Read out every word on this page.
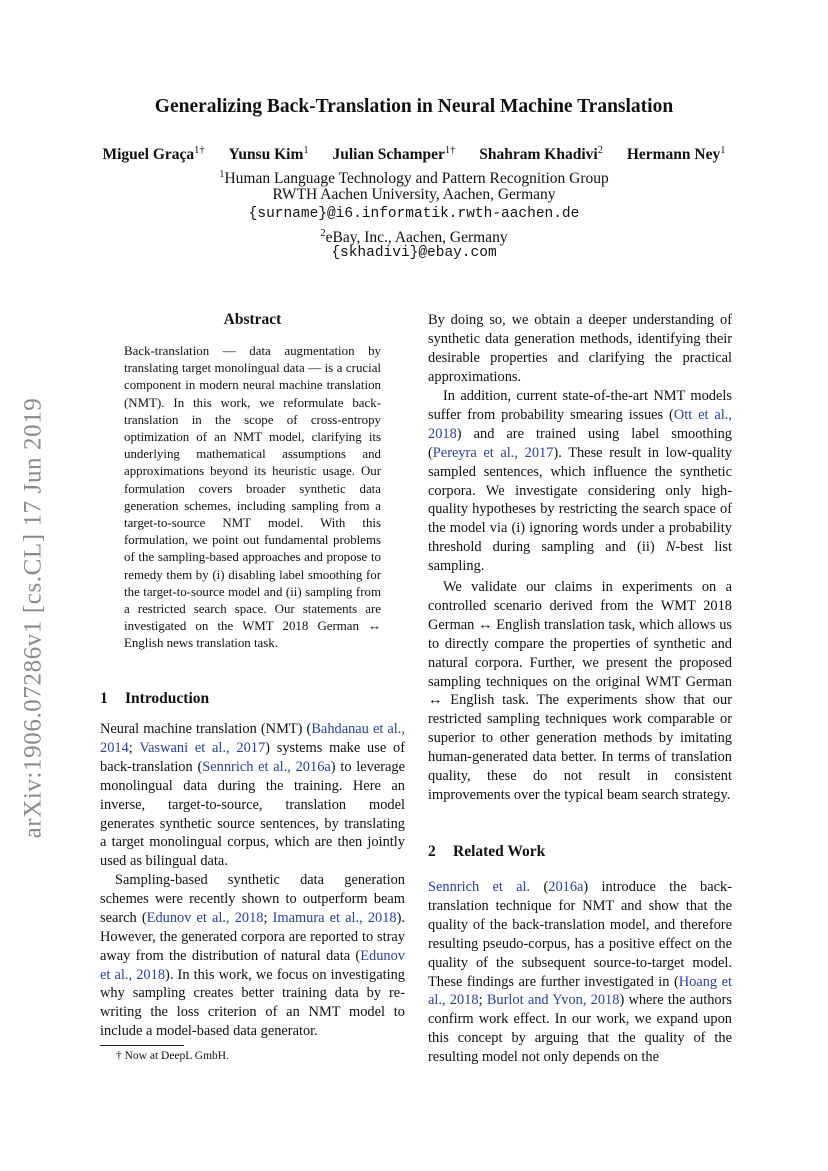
arXiv:1906.07286v1 [cs.CL] 17 Jun 2019
Generalizing Back-Translation in Neural Machine Translation
Miguel Graça$^{1\dagger}$ Yunsu Kim$^1$ Julian Schamper$^{1\dagger}$ Shahram Khadivi$^2$ Hermann Ney$^1$
$^1$Human Language Technology and Pattern Recognition Group
RWTH Aachen University, Aachen, Germany
{surname}@i6.informatik.rwth-aachen.de
$^2$eBay, Inc., Aachen, Germany
{skhadivi}@ebay.com
Abstract

Back-translation — data augmentation by translating target monolingual data — is a crucial component in modern neural machine translation (NMT). In this work, we reformulate back-translation in the scope of cross-entropy optimization of an NMT model, clarifying its underlying mathematical assumptions and approximations beyond its heuristic usage. Our formulation covers broader synthetic data generation schemes, including sampling from a target-to-source NMT model. With this formulation, we point out fundamental problems of the sampling-based approaches and propose to remedy them by (i) disabling label smoothing for the target-to-source model and (ii) sampling from a restricted search space. Our statements are investigated on the WMT 2018 German ↔ English news translation task.

1 Introduction

Neural machine translation (NMT) (Bahdanau et al., 2014; Vaswani et al., 2017) systems make use of back-translation (Sennrich et al., 2016a) to leverage monolingual data during the training. Here an inverse, target-to-source, translation model generates synthetic source sentences, by translating a target monolingual corpus, which are then jointly used as bilingual data.

Sampling-based synthetic data generation schemes were recently shown to outperform beam search (Edunov et al., 2018; Imamura et al., 2018). However, the generated corpora are reported to stray away from the distribution of natural data (Edunov et al., 2018). In this work, we focus on investigating why sampling creates better training data by re-writing the loss criterion of an NMT model to include a model-based data generator.

By doing so, we obtain a deeper understanding of synthetic data generation methods, identifying their desirable properties and clarifying the practical approximations.

In addition, current state-of-the-art NMT models suffer from probability smearing issues (Ott et al., 2018) and are trained using label smoothing (Pereyra et al., 2017). These result in low-quality sampled sentences, which influence the synthetic corpora. We investigate considering only high-quality hypotheses by restricting the search space of the model via (i) ignoring words under a probability threshold during sampling and (ii) N-best list sampling.

We validate our claims in experiments on a controlled scenario derived from the WMT 2018 German ↔ English translation task, which allows us to directly compare the properties of synthetic and natural corpora. Further, we present the proposed sampling techniques on the original WMT German ↔ English task. The experiments show that our restricted sampling techniques work comparable or superior to other generation methods by imitating human-generated data better. In terms of translation quality, these do not result in consistent improvements over the typical beam search strategy.

2 Related Work

Sennrich et al. (2016a) introduce the back-translation technique for NMT and show that the quality of the back-translation model, and therefore resulting pseudo-corpus, has a positive effect on the quality of the subsequent source-to-target model. These findings are further investigated in (Hoang et al., 2018; Burlot and Yvon, 2018) where the authors confirm work effect. In our work, we expand upon this concept by arguing that the quality of the resulting model not only depends on the

† Now at DeepL GmbH.
